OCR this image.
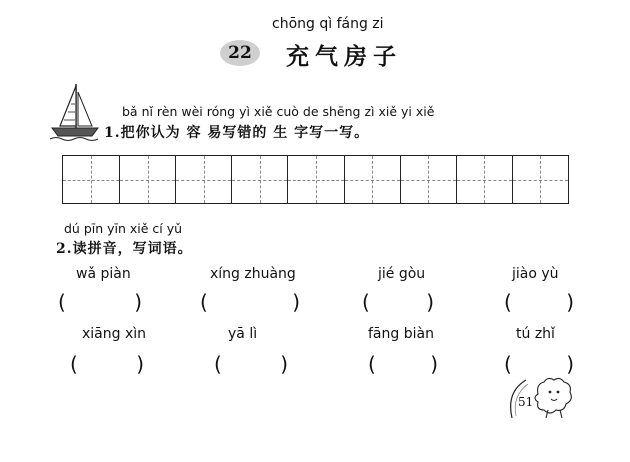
chōng qì fáng zi
22	充气房子
bǎ nǐ rèn wèi róng yì xiě cuò de shēng zì xiě yi xiě
1.把你认为 容 易写错的 生 字写一写。
dú pīn yīn xiě cí yǔ
2.读拼音，写词语。
wǎ piàn	xíng zhuàng	jié gòu	jiào yù
(	)	(	)	(	)	(	)
xiāng xìn	yā lì	fāng biàn	tú zhǐ
(	)	(	)	(	)	(	)
51
